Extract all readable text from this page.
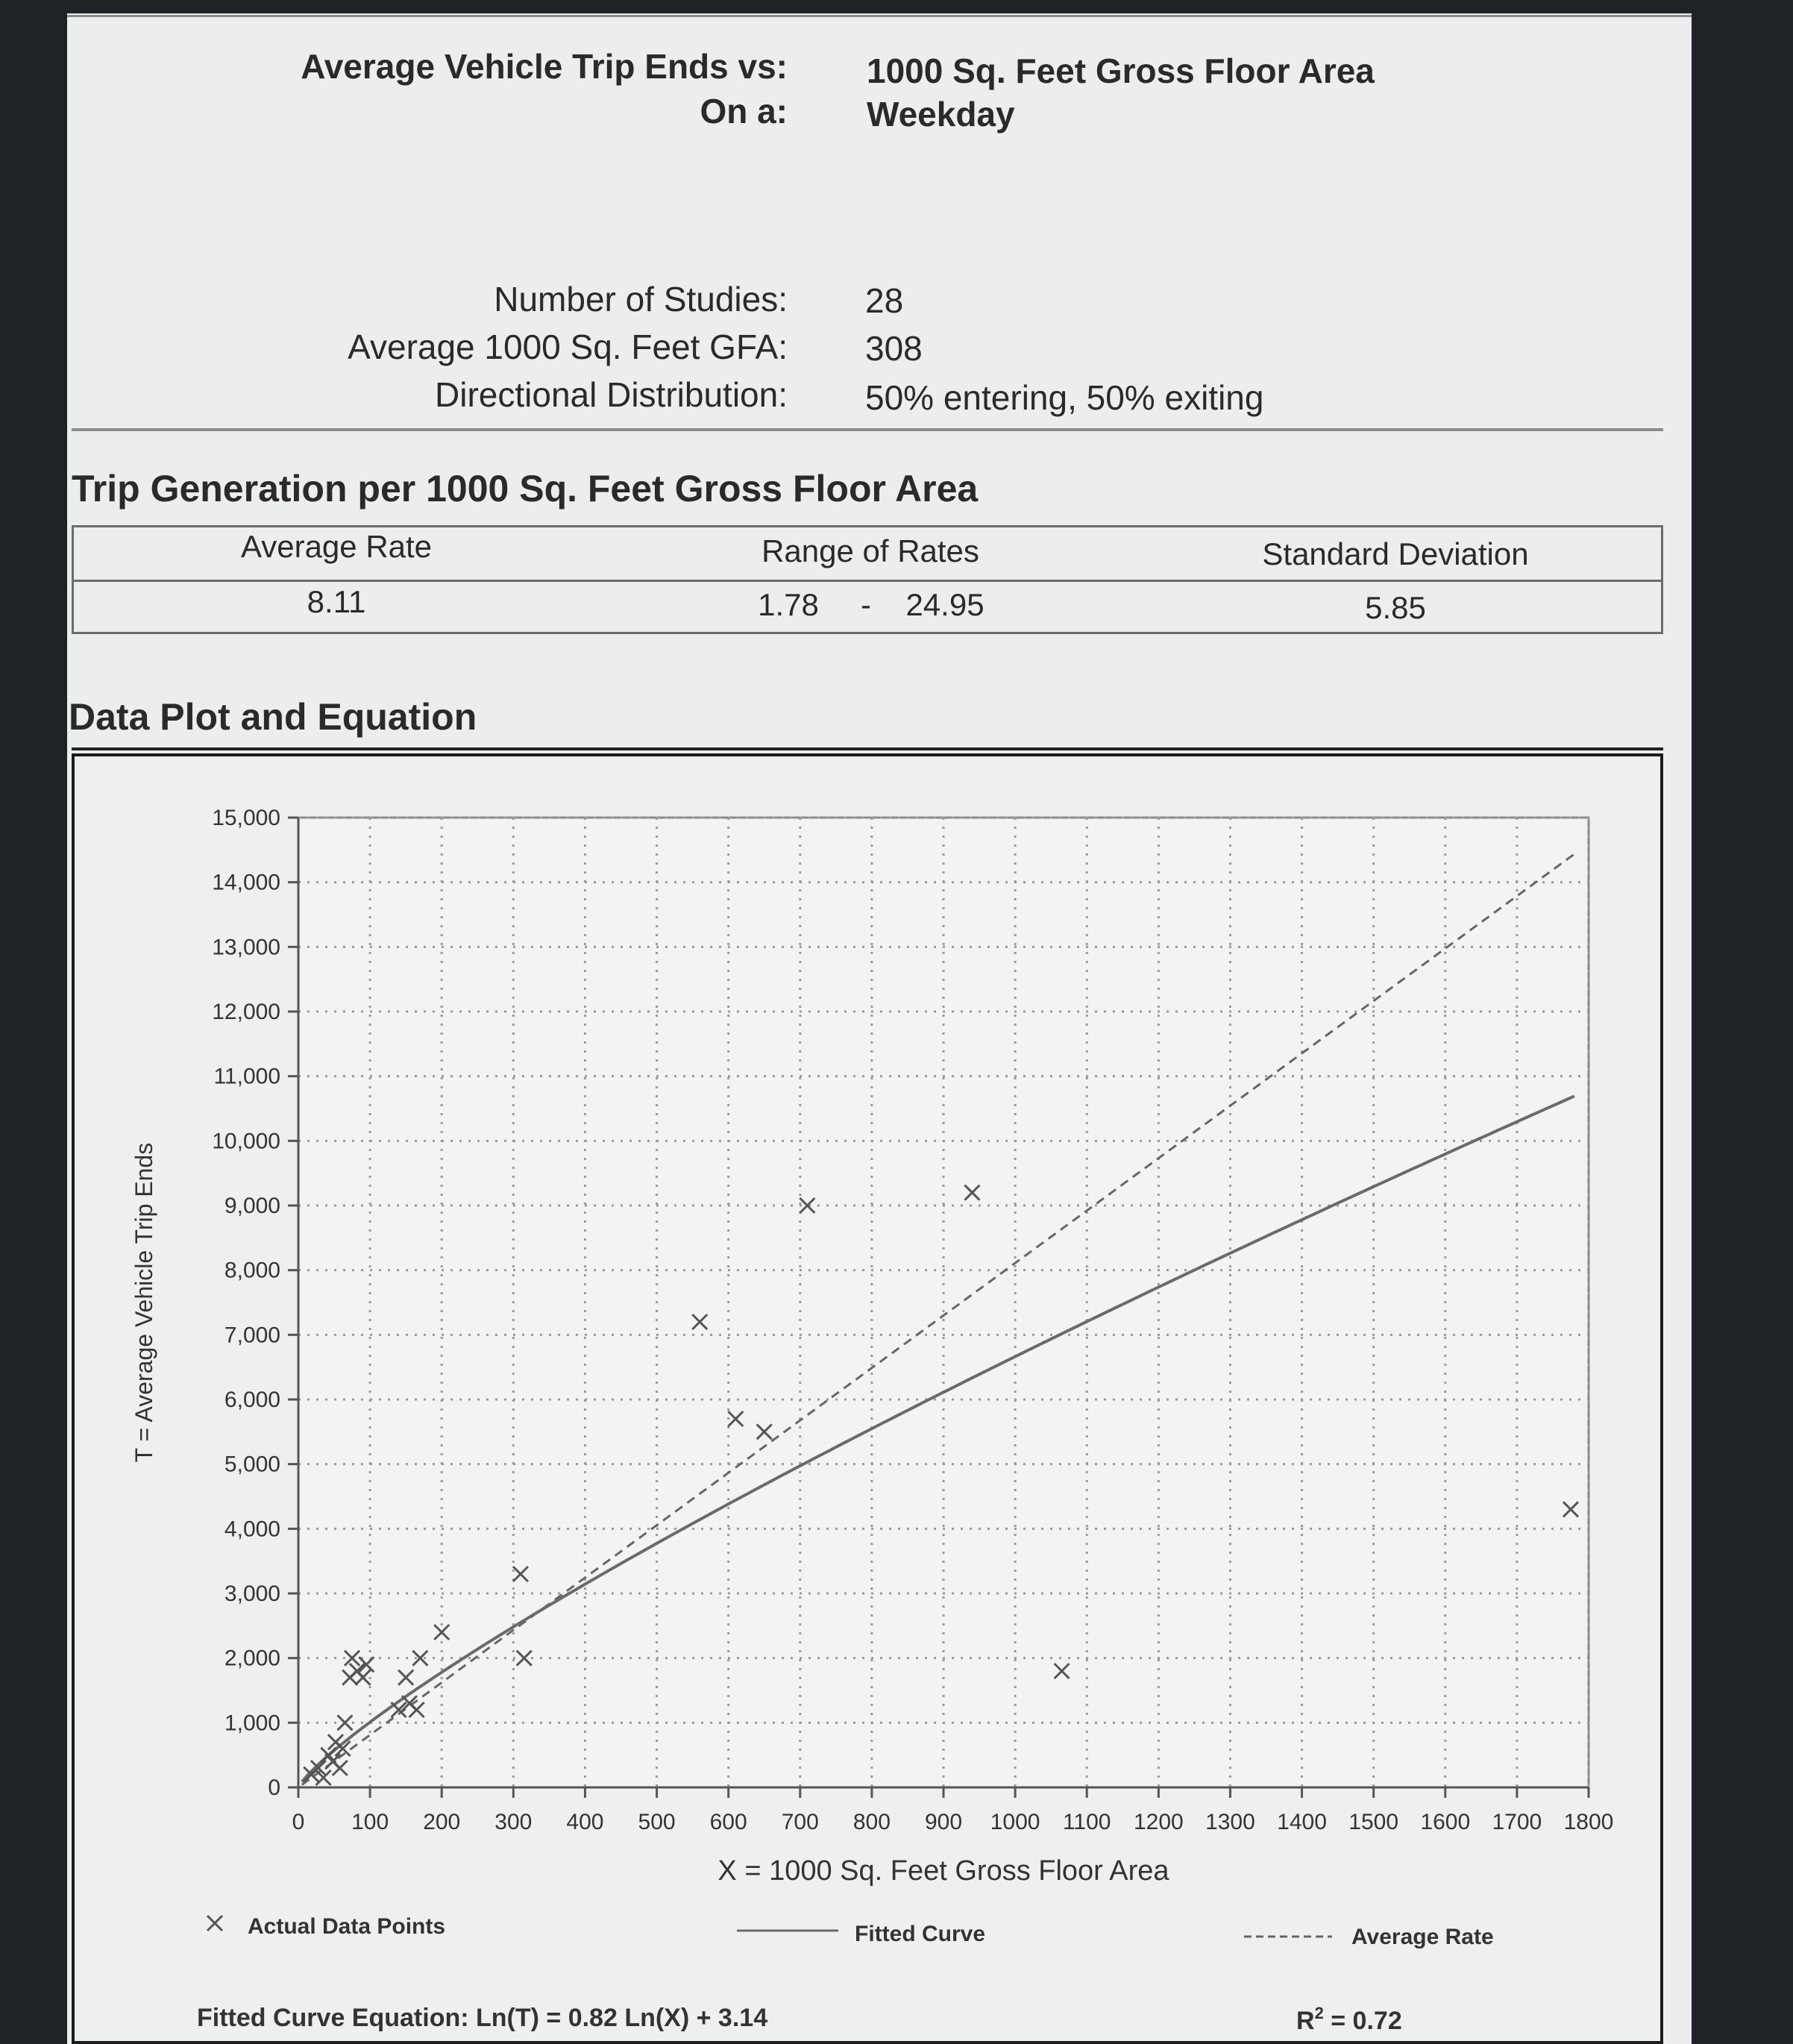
Average Vehicle Trip Ends vs: 1000 Sq. Feet Gross Floor Area
On a: Weekday
Number of Studies: 28
Average 1000 Sq. Feet GFA: 308
Directional Distribution: 50% entering, 50% exiting
Trip Generation per 1000 Sq. Feet Gross Floor Area
Average Rate	Range of Rates	Standard Deviation
8.11	1.78 - 24.95	5.85
Data Plot and Equation
0
1,000
2,000
3,000
4,000
5,000
6,000
7,000
8,000
9,000
10,000
11,000
12,000
13,000
14,000
15,000
0 100 200 300 400 500 600 700 800 900 1000 1100 1200 1300 1400 1500 1600 1700 1800
X = 1000 Sq. Feet Gross Floor Area
T = Average Vehicle Trip Ends
Actual Data Points	Fitted Curve	Average Rate
Fitted Curve Equation: Ln(T) = 0.82 Ln(X) + 3.14	$R^2 = 0.72$
